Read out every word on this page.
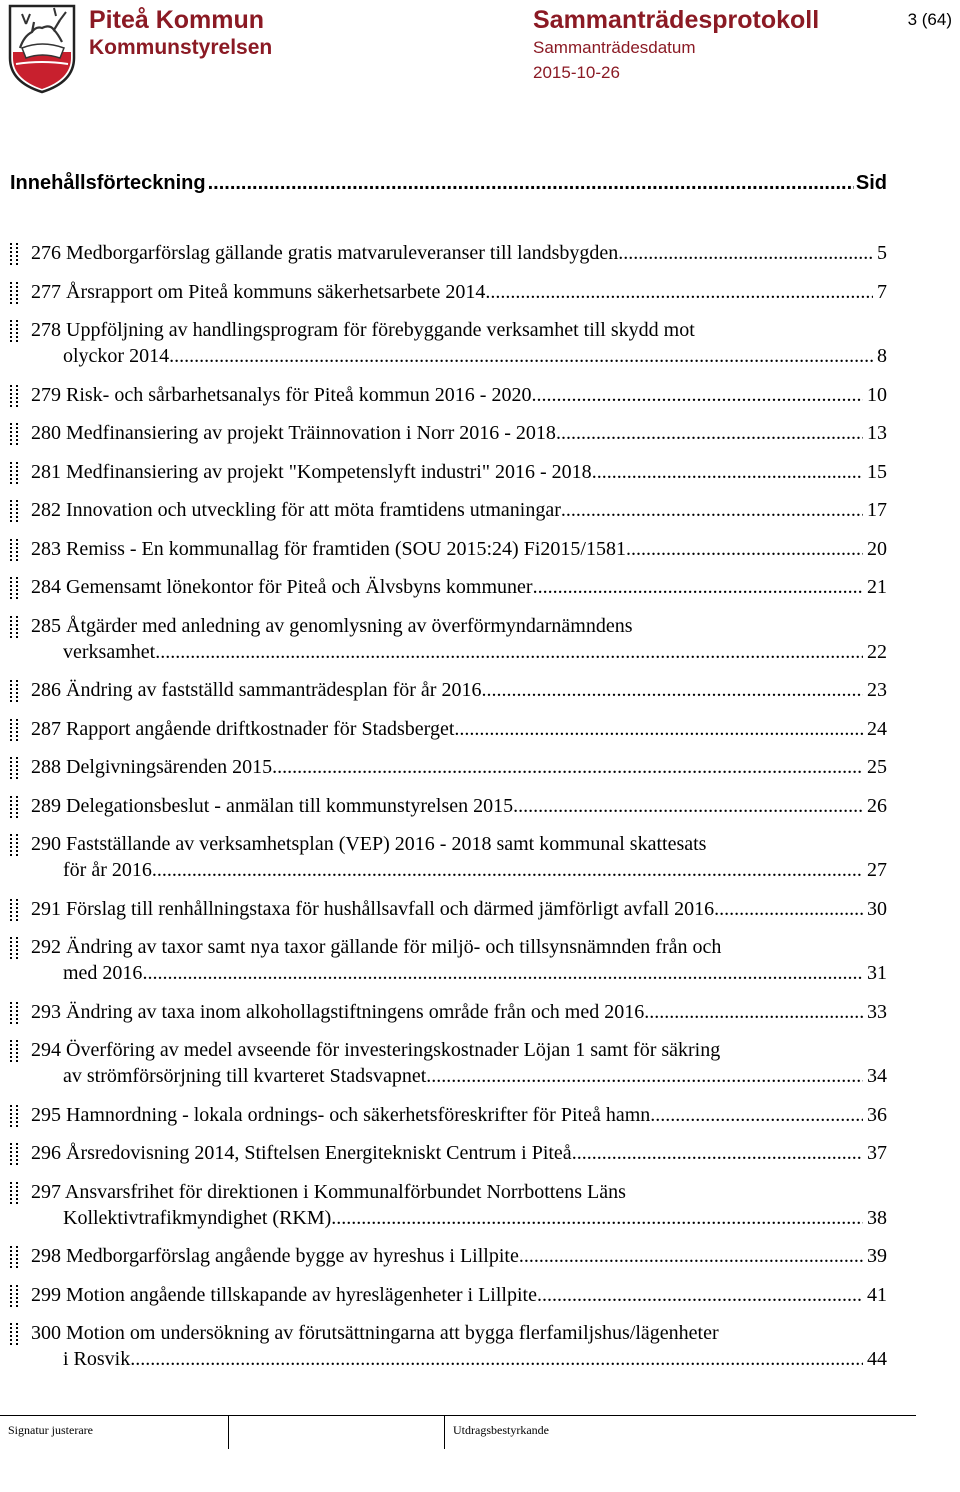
Piteå Kommun
Kommunstyrelsen
Sammanträdesprotokoll
Sammanträdesdatum
2015-10-26
3 (64)
Innehållsförteckning .....	Sid
276 Medborgarförslag gällande gratis matvaruleveranser till landsbygden .....	5
277 Årsrapport om Piteå kommuns säkerhetsarbete 2014 .....	7
278 Uppföljning av handlingsprogram för förebyggande verksamhet till skydd mot
olyckor 2014 .....	8
279 Risk- och sårbarhetsanalys för Piteå kommun 2016 - 2020 .....	10
280 Medfinansiering av projekt Träinnovation i Norr 2016 - 2018 .....	13
281 Medfinansiering av projekt "Kompetenslyft industri" 2016 - 2018 .....	15
282 Innovation och utveckling för att möta framtidens utmaningar .....	17
283 Remiss - En kommunallag för framtiden (SOU 2015:24) Fi2015/1581 .....	20
284 Gemensamt lönekontor för Piteå och Älvsbyns kommuner .....	21
285 Åtgärder med anledning av genomlysning av överförmyndarnämndens
verksamhet .....	22
286 Ändring av fastställd sammanträdesplan för år 2016 .....	23
287 Rapport angående driftkostnader för Stadsberget .....	24
288 Delgivningsärenden 2015 .....	25
289 Delegationsbeslut - anmälan till kommunstyrelsen 2015 .....	26
290 Fastställande av verksamhetsplan (VEP) 2016 - 2018 samt kommunal skattesats
för år 2016 .....	27
291 Förslag till renhållningstaxa för hushållsavfall och därmed jämförligt avfall 2016 .....	30
292 Ändring av taxor samt nya taxor gällande för miljö- och tillsynsnämnden från och
med 2016 .....	31
293 Ändring av taxa inom alkohollagstiftningens område från och med 2016 .....	33
294 Överföring av medel avseende för investeringskostnader Löjan 1 samt för säkring
av strömförsörjning till kvarteret Stadsvapnet .....	34
295 Hamnordning - lokala ordnings- och säkerhetsföreskrifter för Piteå hamn .....	36
296 Årsredovisning 2014, Stiftelsen Energitekniskt Centrum i Piteå .....	37
297 Ansvarsfrihet för direktionen i Kommunalförbundet Norrbottens Läns
Kollektivtrafikmyndighet (RKM) .....	38
298 Medborgarförslag angående bygge av hyreshus i Lillpite .....	39
299 Motion angående tillskapande av hyreslägenheter i Lillpite .....	41
300 Motion om undersökning av förutsättningarna att bygga flerfamiljshus/lägenheter
i Rosvik .....	44
Signatur justerare	Utdragsbestyrkande
